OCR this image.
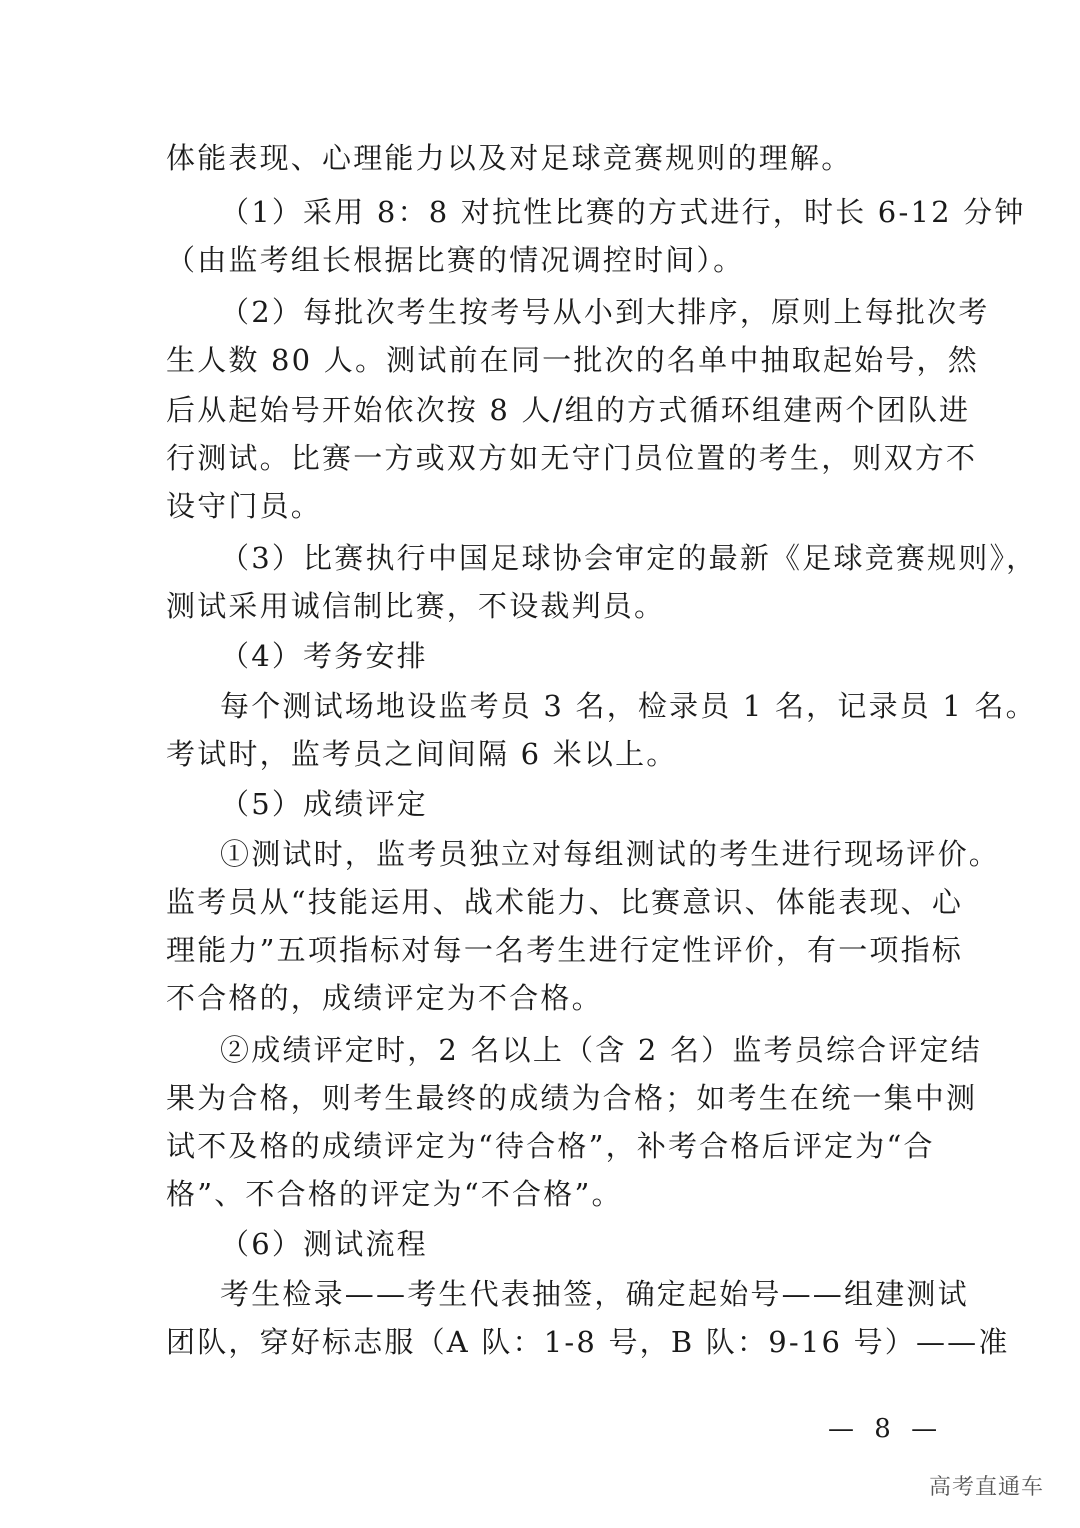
体能表现、心理能力以及对足球竞赛规则的理解。
（1）采用 8：8 对抗性比赛的方式进行，时长 6-12 分钟
（由监考组长根据比赛的情况调控时间）。
（2）每批次考生按考号从小到大排序，原则上每批次考
生人数 80 人。测试前在同一批次的名单中抽取起始号，然
后从起始号开始依次按 8 人/组的方式循环组建两个团队进
行测试。比赛一方或双方如无守门员位置的考生，则双方不
设守门员。
（3）比赛执行中国足球协会审定的最新《足球竞赛规则》，
测试采用诚信制比赛，不设裁判员。
（4）考务安排
每个测试场地设监考员 3 名，检录员 1 名，记录员 1 名。
考试时，监考员之间间隔 6 米以上。
（5）成绩评定
①测试时，监考员独立对每组测试的考生进行现场评价。
监考员从“技能运用、战术能力、比赛意识、体能表现、心
理能力”五项指标对每一名考生进行定性评价，有一项指标
不合格的，成绩评定为不合格。
②成绩评定时，2 名以上（含 2 名）监考员综合评定结
果为合格，则考生最终的成绩为合格；如考生在统一集中测
试不及格的成绩评定为“待合格”，补考合格后评定为“合
格”、不合格的评定为“不合格”。
（6）测试流程
考生检录——考生代表抽签，确定起始号——组建测试
团队，穿好标志服（A 队：1-8 号，B 队：9-16 号）——准
— 8 —
高考直通车
